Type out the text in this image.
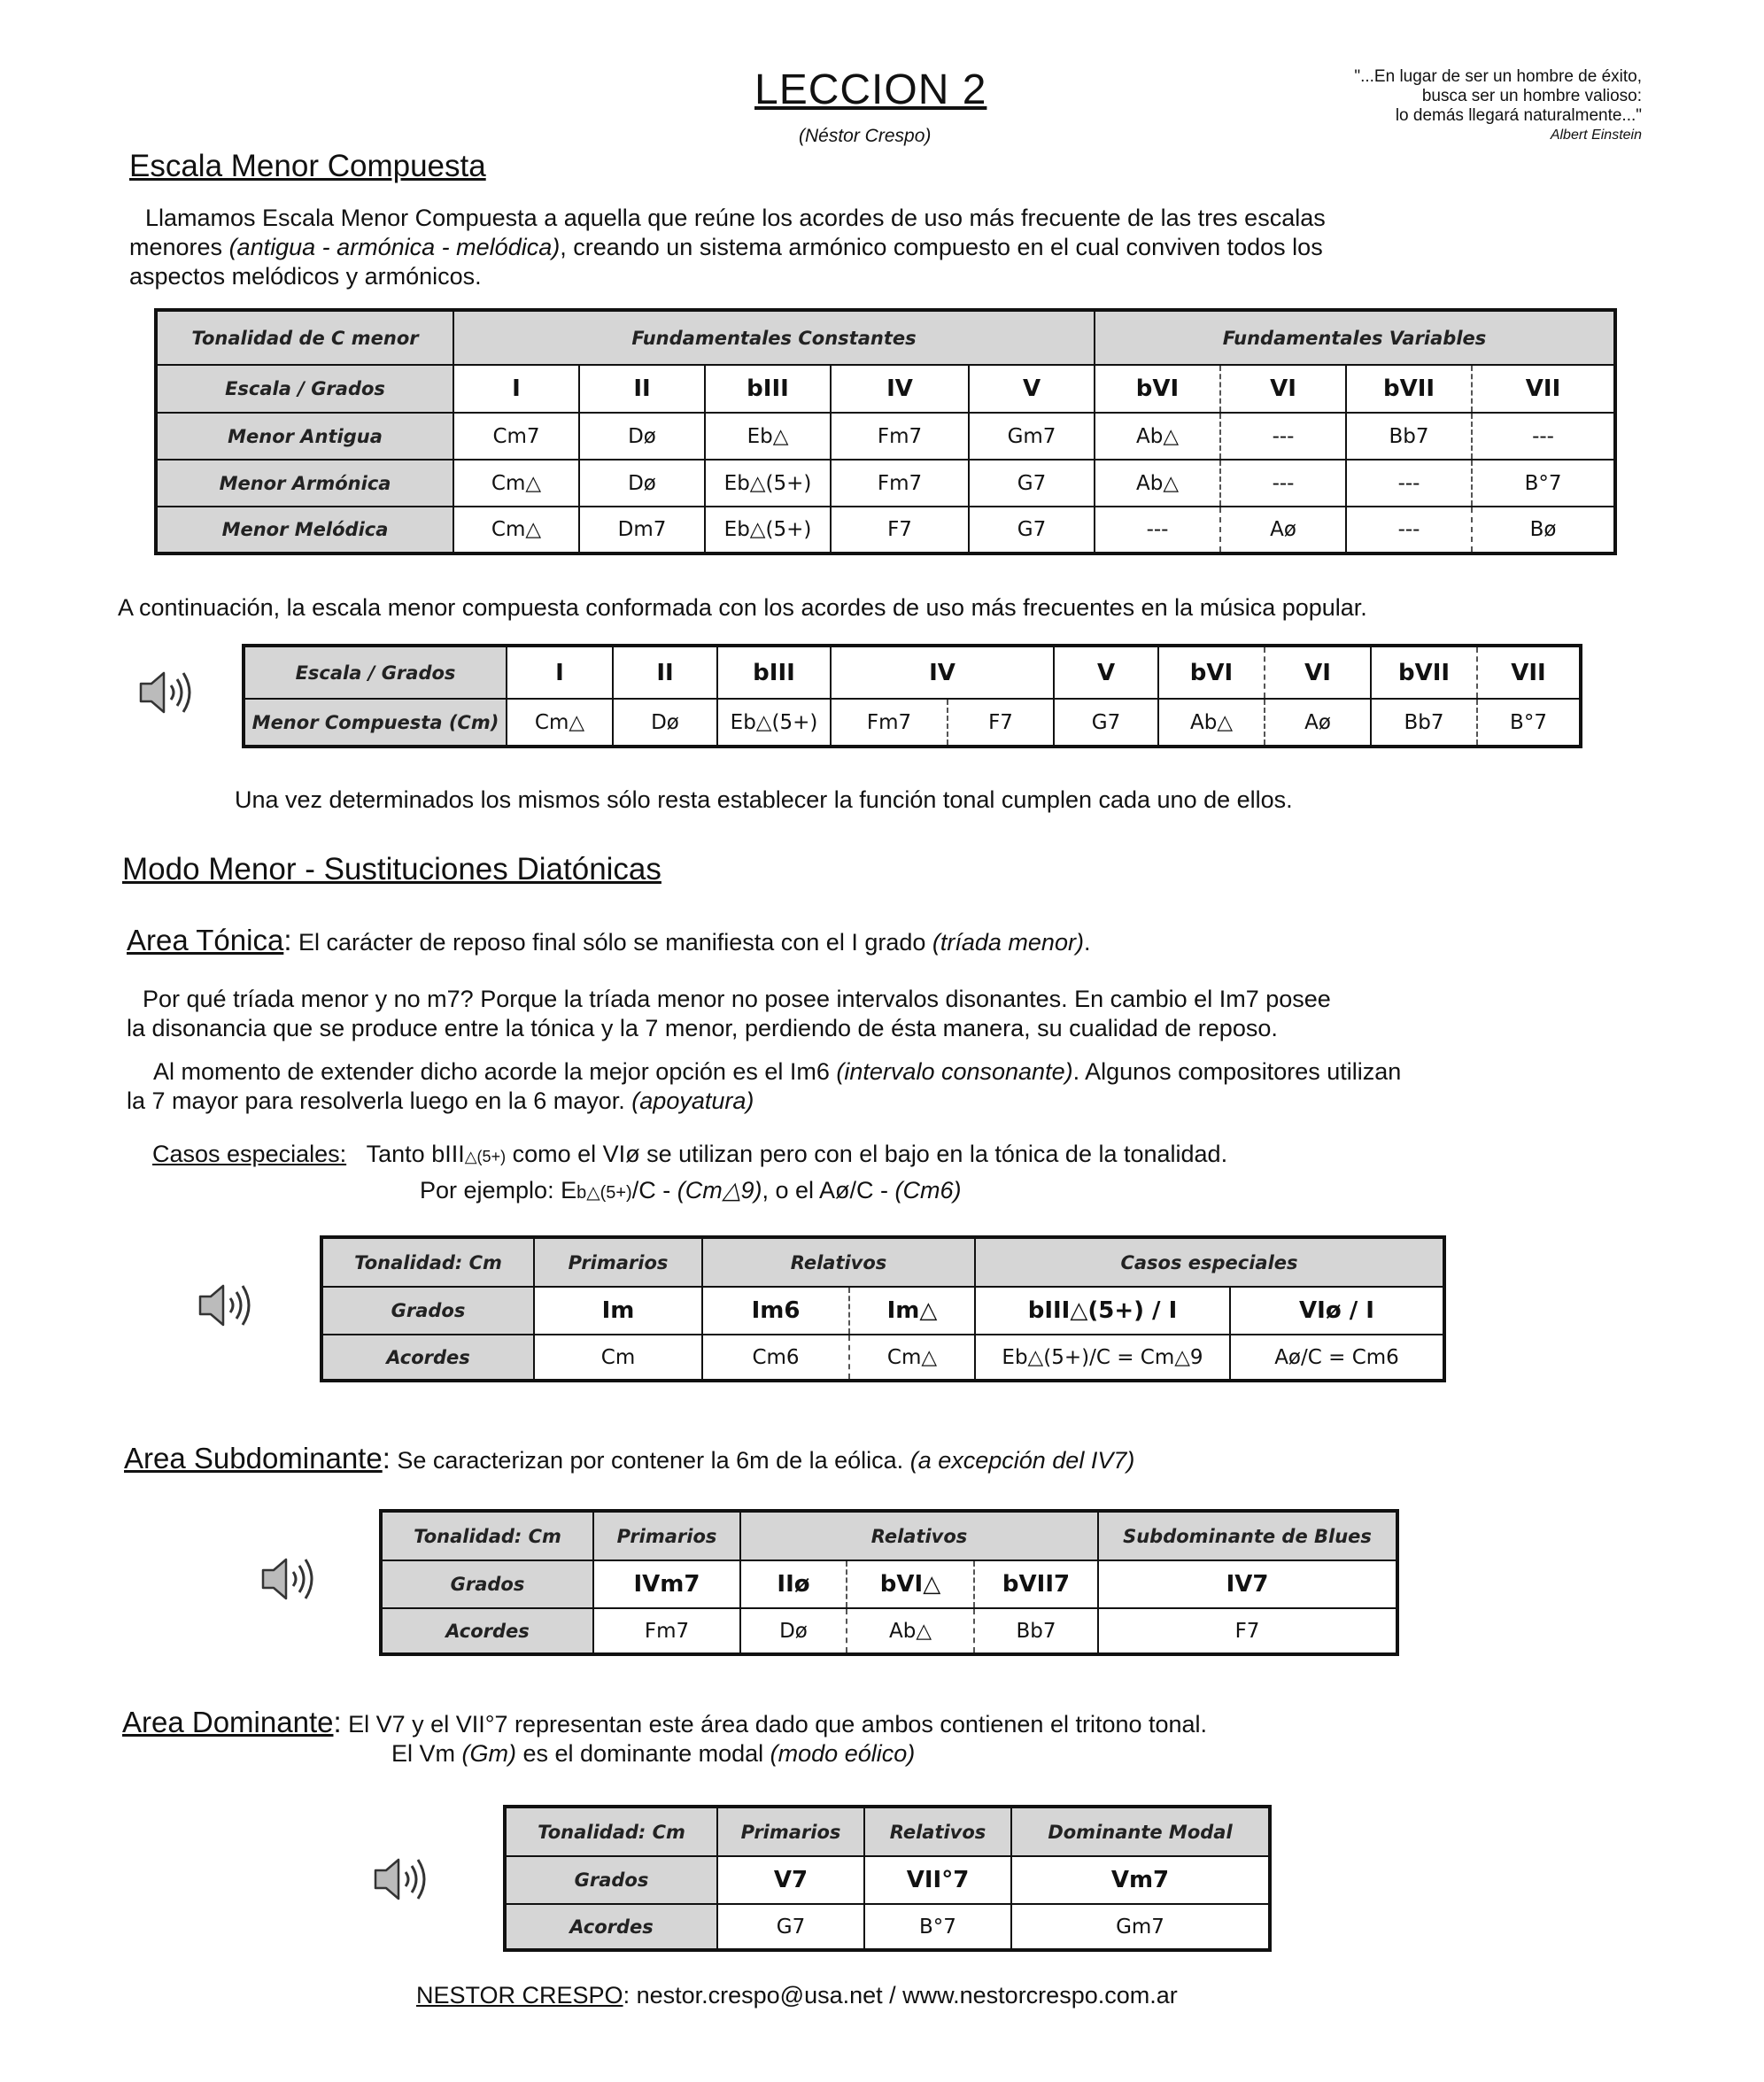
LECCION 2
(Néstor Crespo)
"...En lugar de ser un hombre de éxito,
busca ser un hombre valioso:
lo demás llegará naturalmente..."
Albert Einstein
Escala Menor Compuesta
Llamamos Escala Menor Compuesta a aquella que reúne los acordes de uso más frecuente de las tres escalas
menores (antigua - armónica - melódica), creando un sistema armónico compuesto en el cual conviven todos los
aspectos melódicos y armónicos.
Tonalidad de C menor	Fundamentales Constantes					Fundamentales Variables			
Escala / Grados	I	II	bIII	IV	V	bVI	VI	bVII	VII
Menor Antigua	Cm7	Dø	Eb△	Fm7	Gm7	Ab△	---	Bb7	---
Menor Armónica	Cm△	Dø	Eb△(5+)	Fm7	G7	Ab△	---	---	B°7
Menor Melódica	Cm△	Dm7	Eb△(5+)	F7	G7	---	Aø	---	Bø
A continuación, la escala menor compuesta conformada con los acordes de uso más frecuentes en la música popular.
Escala / Grados	I	II	bIII	IV		V	bVI	VI	bVII	VII
Menor Compuesta (Cm)	Cm△	Dø	Eb△(5+)	Fm7	F7	G7	Ab△	Aø	Bb7	B°7
Una vez determinados los mismos sólo resta establecer la función tonal cumplen cada uno de ellos.
Modo Menor - Sustituciones Diatónicas
Area Tónica: El carácter de reposo final sólo se manifiesta con el I grado (tríada menor).
Por qué tríada menor y no m7? Porque la tríada menor no posee intervalos disonantes. En cambio el Im7 posee
la disonancia que se produce entre la tónica y la 7 menor, perdiendo de ésta manera, su cualidad de reposo.
Al momento de extender dicho acorde la mejor opción es el Im6 (intervalo consonante). Algunos compositores utilizan
la 7 mayor para resolverla luego en la 6 mayor. (apoyatura)
Casos especiales: Tanto bIII△(5+) como el VIø se utilizan pero con el bajo en la tónica de la tonalidad.
Por ejemplo: Eb△(5+)/C - (Cm△9), o el Aø/C - (Cm6)
Tonalidad: Cm	Primarios	Relativos		Casos especiales	
Grados	Im	Im6	Im△	bIII△(5+) / I	VIø / I
Acordes	Cm	Cm6	Cm△	Eb△(5+)/C = Cm△9	Aø/C = Cm6
Area Subdominante: Se caracterizan por contener la 6m de la eólica. (a excepción del IV7)
Tonalidad: Cm	Primarios	Relativos			Subdominante de Blues
Grados	IVm7	IIø	bVI△	bVII7	IV7
Acordes	Fm7	Dø	Ab△	Bb7	F7
Area Dominante: El V7 y el VII°7 representan este área dado que ambos contienen el tritono tonal.
El Vm (Gm) es el dominante modal (modo eólico)
Tonalidad: Cm	Primarios	Relativos	Dominante Modal
Grados	V7	VII°7	Vm7
Acordes	G7	B°7	Gm7
NESTOR CRESPO: nestor.crespo@usa.net / www.nestorcrespo.com.ar
